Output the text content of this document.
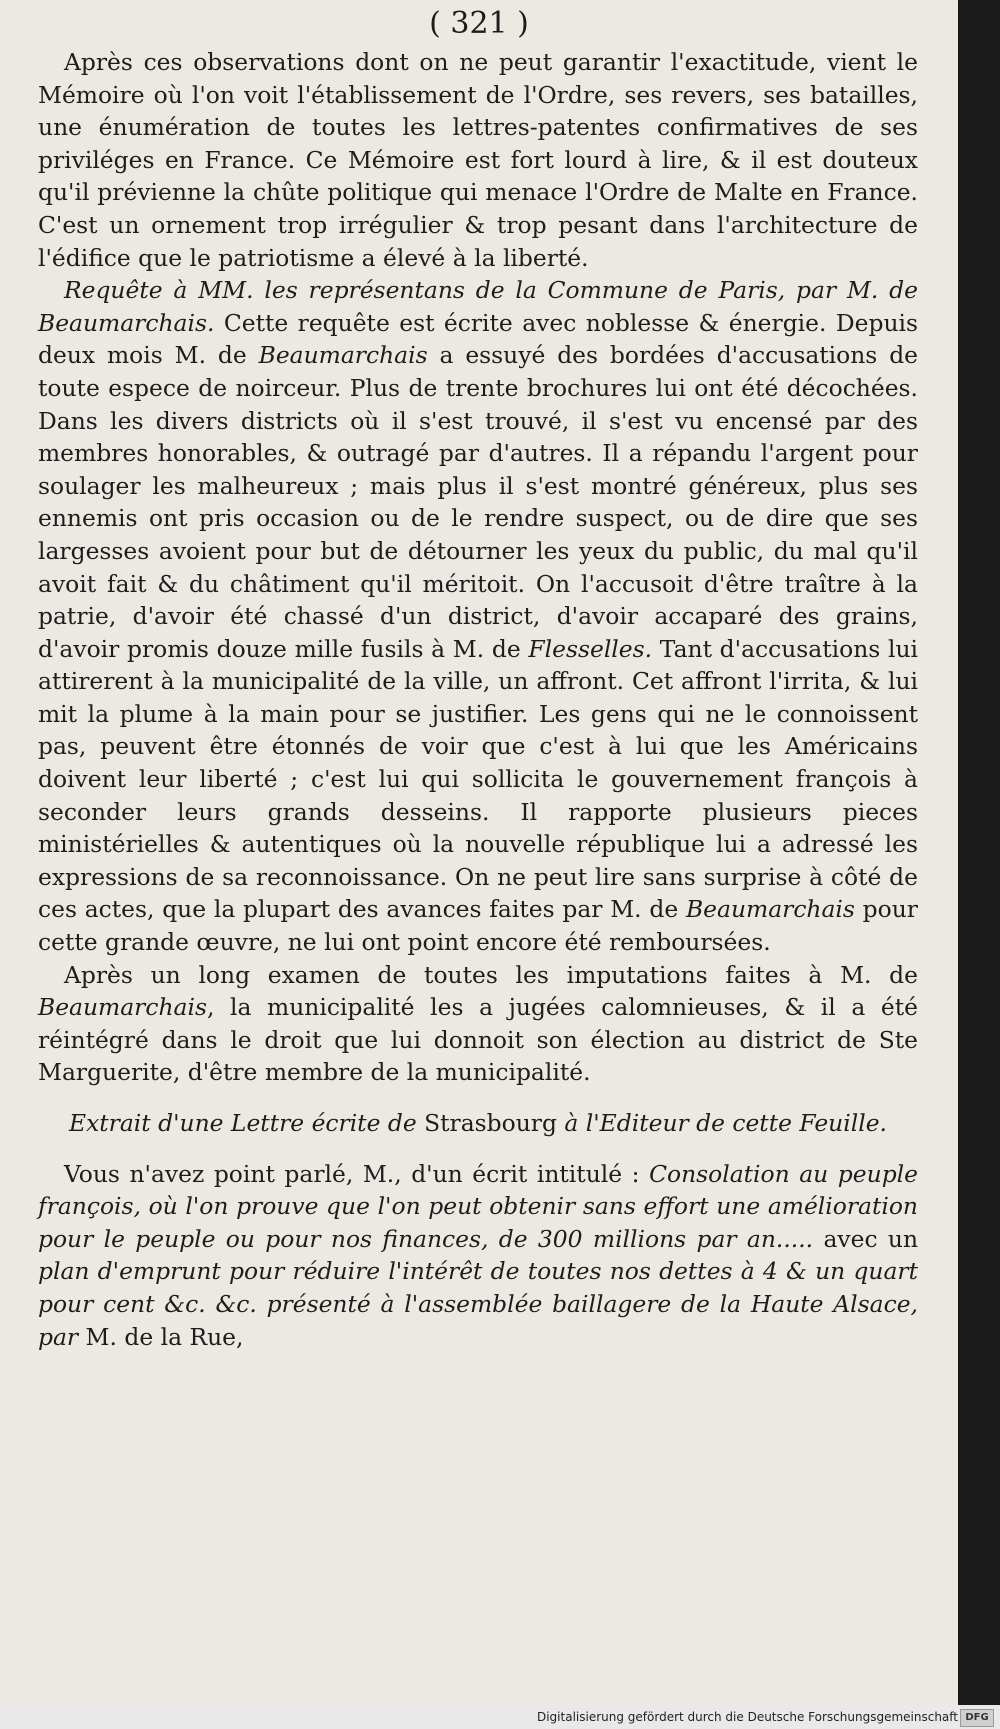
( 321 )

Après ces observations dont on ne peut garantir l'exactitude, vient le Mémoire où l'on voit l'établissement de l'Ordre, ses revers, ses batailles, une énumération de toutes les lettres-patentes confirmatives de ses priviléges en France. Ce Mémoire est fort lourd à lire, & il est douteux qu'il prévienne la chûte politique qui menace l'Ordre de Malte en France. C'est un ornement trop irrégulier & trop pesant dans l'architecture de l'édifice que le patriotisme a élevé à la liberté.

Requête à MM. les représentans de la Commune de Paris, par M. de Beaumarchais. Cette requête est écrite avec noblesse & énergie. Depuis deux mois M. de Beaumarchais a essuyé des bordées d'accusations de toute espece de noirceur. Plus de trente brochures lui ont été décochées. Dans les divers districts où il s'est trouvé, il s'est vu encensé par des membres honorables, & outragé par d'autres. Il a répandu l'argent pour soulager les malheureux ; mais plus il s'est montré généreux, plus ses ennemis ont pris occasion ou de le rendre suspect, ou de dire que ses largesses avoient pour but de détourner les yeux du public, du mal qu'il avoit fait & du châtiment qu'il méritoit. On l'accusoit d'être traître à la patrie, d'avoir été chassé d'un district, d'avoir accaparé des grains, d'avoir promis douze mille fusils à M. de Flesselles. Tant d'accusations lui attirerent à la municipalité de la ville, un affront. Cet affront l'irrita, & lui mit la plume à la main pour se justifier. Les gens qui ne le connoissent pas, peuvent être étonnés de voir que c'est à lui que les Américains doivent leur liberté ; c'est lui qui sollicita le gouvernement françois à seconder leurs grands desseins. Il rapporte plusieurs pieces ministérielles & autentiques où la nouvelle république lui a adressé les expressions de sa reconnoissance. On ne peut lire sans surprise à côté de ces actes, que la plupart des avances faites par M. de Beaumarchais pour cette grande œuvre, ne lui ont point encore été remboursées.

Après un long examen de toutes les imputations faites à M. de Beaumarchais, la municipalité les a jugées calomnieuses, & il a été réintégré dans le droit que lui donnoit son élection au district de Ste Marguerite, d'être membre de la municipalité.

Extrait d'une Lettre écrite de Strasbourg à l'Editeur de cette Feuille.

Vous n'avez point parlé, M., d'un écrit intitulé : Consolation au peuple françois, où l'on prouve que l'on peut obtenir sans effort une amélioration pour le peuple ou pour nos finances, de 300 millions par an..... avec un plan d'emprunt pour réduire l'intérêt de toutes nos dettes à 4 & un quart pour cent &c. &c. présenté à l'assemblée baillagere de la Haute Alsace, par M. de la Rue,

Digitalisierung gefördert durch die Deutsche Forschungsgemeinschaft DFG
